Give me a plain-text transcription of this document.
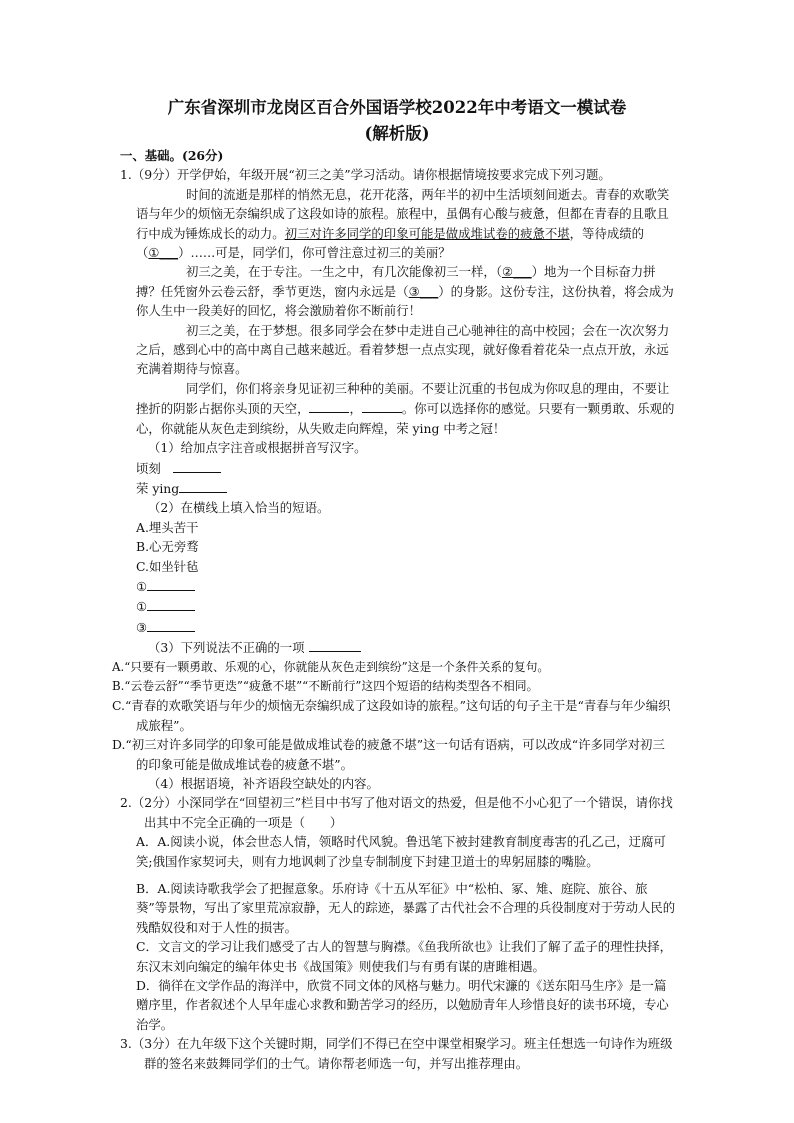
广东省深圳市龙岗区百合外国语学校2022年中考语文一模试卷
(解析版)

一、基础。(26分)

1.（9分）开学伊始，年级开展“初三之美”学习活动。请你根据情境按要求完成下列习题。

时间的流逝是那样的悄然无息，花开花落，两年半的初中生活顷刻间逝去。青春的欢歌笑语与年少的烦恼无奈编织成了这段如诗的旅程。旅程中，虽偶有心酸与疲惫，但都在青春的且歌且行中成为锤炼成长的动力。初三对许多同学的印象可能是做成堆试卷的疲惫不堪，等待成绩的（①___）……可是，同学们，你可曾注意过初三的美丽？

初三之美，在于专注。一生之中，有几次能像初三一样，（②___）地为一个目标奋力拼搏？任凭窗外云卷云舒，季节更迭，窗内永远是（③___）的身影。这份专注，这份执着，将会成为你人生中一段美好的回忆，将会激励着你不断前行！

初三之美，在于梦想。很多同学会在梦中走进自己心驰神往的高中校园；会在一次次努力之后，感到心中的高中离自己越来越近。看着梦想一点点实现，就好像看着花朵一点点开放，永远充满着期待与惊喜。

同学们，你们将亲身见证初三种种的美丽。不要让沉重的书包成为你叹息的理由，不要让挫折的阴影占据你头顶的天空，	，	。你可以选择你的感觉。只要有一颗勇敢、乐观的心，你就能从灰色走到缤纷，从失败走向辉煌，荣 ying 中考之冠！

（1）给加点字注音或根据拼音写汉字。

顷刻

荣 ying

（2）在横线上填入恰当的短语。

A.埋头苦干

B.心无旁骛

C.如坐针毡

①

①

③

（3）下列说法不正确的一项

A.“只要有一颗勇敢、乐观的心，你就能从灰色走到缤纷”这是一个条件关系的复句。

B.“云卷云舒”“季节更迭”“疲惫不堪”“不断前行”这四个短语的结构类型各不相同。

C.“青春的欢歌笑语与年少的烦恼无奈编织成了这段如诗的旅程。”这句话的句子主干是“青春与年少编织成旅程”。

D.“初三对许多同学的印象可能是做成堆试卷的疲惫不堪”这一句话有语病，可以改成“许多同学对初三的印象可能是做成堆试卷的疲惫不堪”。

（4）根据语境，补齐语段空缺处的内容。

2.（2分）小深同学在“回望初三”栏目中书写了他对语文的热爱，但是他不小心犯了一个错误，请你找出其中不完全正确的一项是（　　）

A．A.阅读小说，体会世态人情，领略时代风貌。鲁迅笔下被封建教育制度毒害的孔乙己，迂腐可笑;俄国作家契诃夫，则有力地讽刺了沙皇专制制度下封建卫道士的卑躬屈膝的嘴脸。

B．A.阅读诗歌我学会了把握意象。乐府诗《十五从军征》中“松柏、冢、雉、庭院、旅谷、旅葵”等景物，写出了家里荒凉寂静，无人的踪迹，暴露了古代社会不合理的兵役制度对于劳动人民的残酷奴役和对于人性的损害。

C．文言文的学习让我们感受了古人的智慧与胸襟。《鱼我所欲也》让我们了解了孟子的理性抉择，东汉末刘向编定的编年体史书《战国策》则使我们与有勇有谋的唐雎相遇。

D．徜徉在文学作品的海洋中，欣赏不同文体的风格与魅力。明代宋濂的《送东阳马生序》是一篇赠序里，作者叙述个人早年虚心求教和勤苦学习的经历，以勉励青年人珍惜良好的读书环境，专心治学。

3.（3分）在九年级下这个关键时期，同学们不得已在空中课堂相聚学习。班主任想选一句诗作为班级群的签名来鼓舞同学们的士气。请你帮老师选一句，并写出推荐理由。
